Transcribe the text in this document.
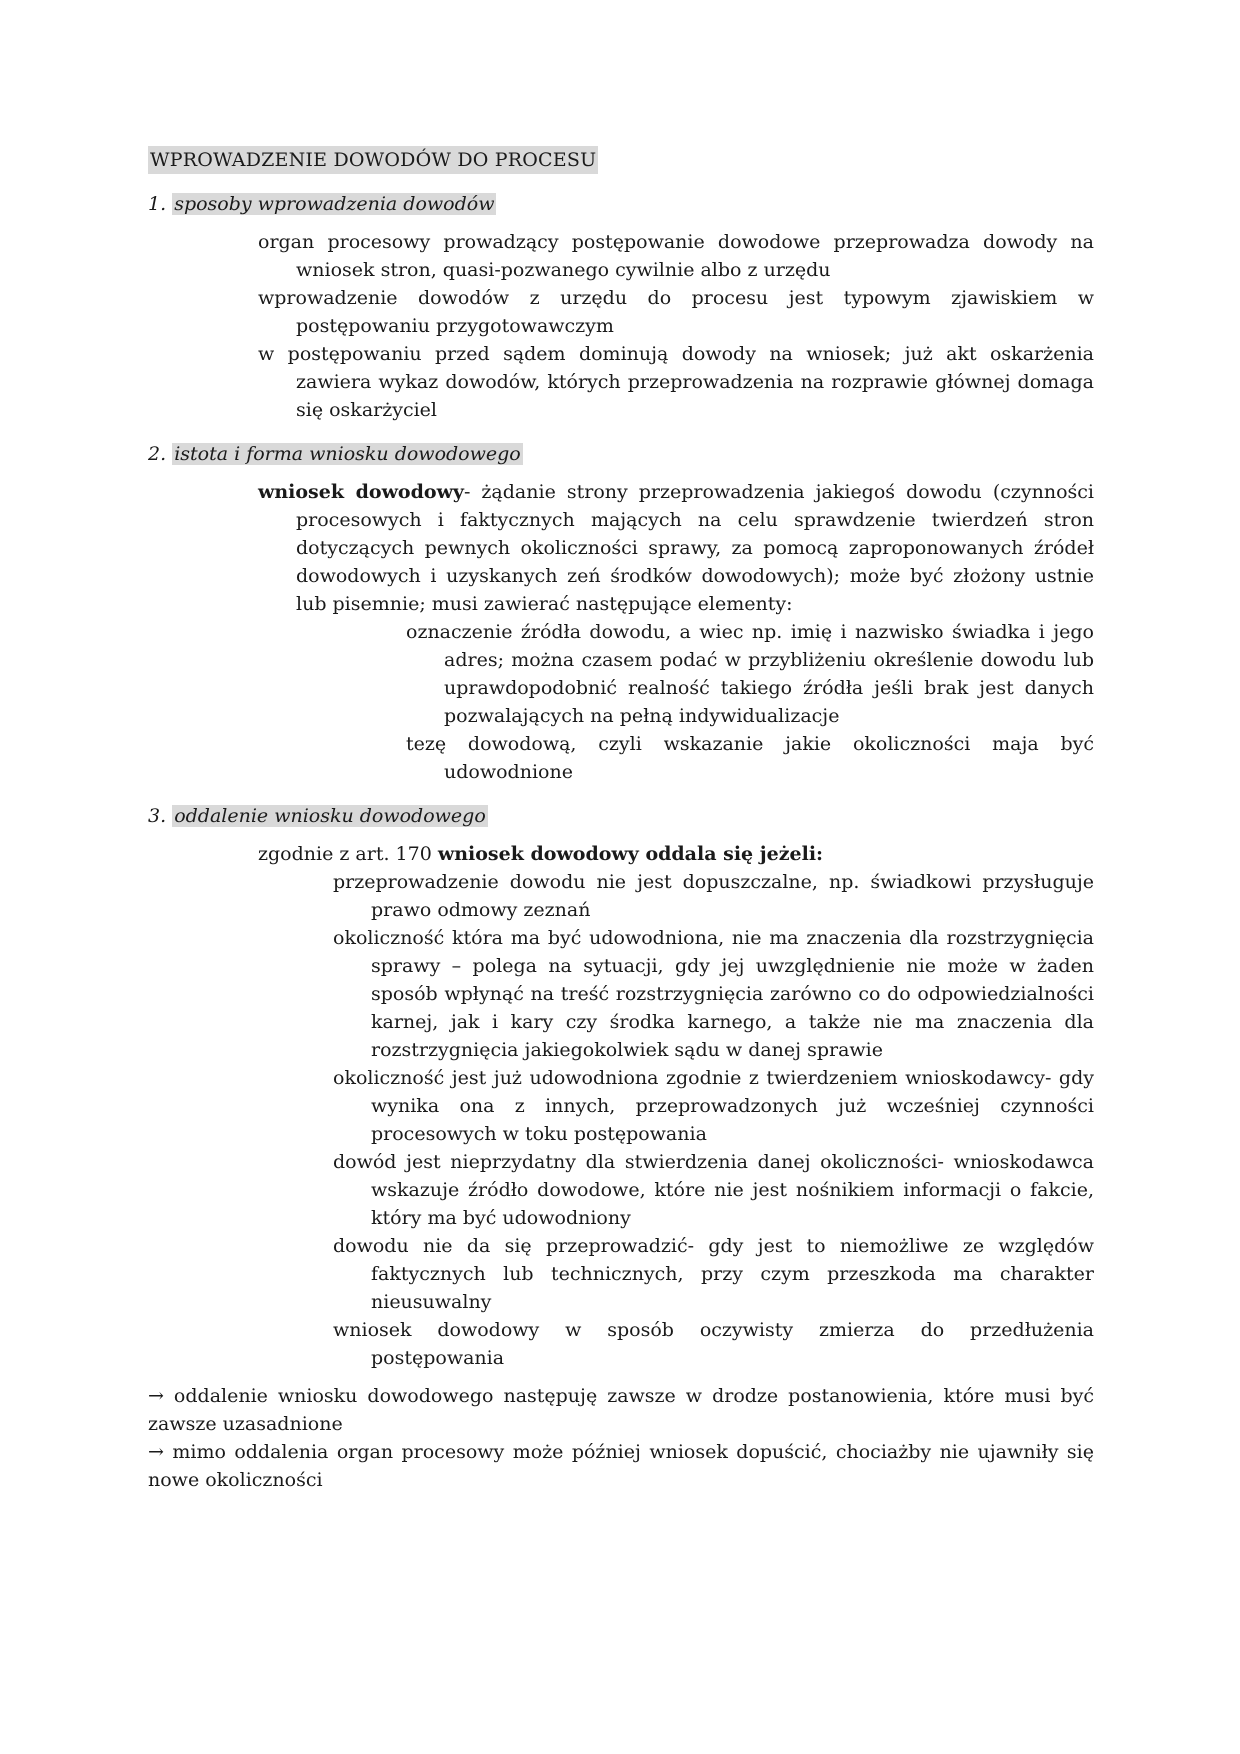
WPROWADZENIE DOWODÓW DO PROCESU
1. sposoby wprowadzenia dowodów

organ procesowy prowadzący postępowanie dowodowe przeprowadza dowody na wniosek stron, quasi-pozwanego cywilnie albo z urzędu

wprowadzenie dowodów z urzędu do procesu jest typowym zjawiskiem w postępowaniu przygotowawczym

w postępowaniu przed sądem dominują dowody na wniosek; już akt oskarżenia zawiera wykaz dowodów, których przeprowadzenia na rozprawie głównej domaga się oskarżyciel

2. istota i forma wniosku dowodowego

wniosek dowodowy- żądanie strony przeprowadzenia jakiegoś dowodu (czynności procesowych i faktycznych mających na celu sprawdzenie twierdzeń stron dotyczących pewnych okoliczności sprawy, za pomocą zaproponowanych źródeł dowodowych i uzyskanych zeń środków dowodowych); może być złożony ustnie lub pisemnie; musi zawierać następujące elementy:

oznaczenie źródła dowodu, a wiec np. imię i nazwisko świadka i jego adres; można czasem podać w przybliżeniu określenie dowodu lub uprawdopodobnić realność takiego źródła jeśli brak jest danych pozwalających na pełną indywidualizacje

tezę dowodową, czyli wskazanie jakie okoliczności maja być udowodnione

3. oddalenie wniosku dowodowego

zgodnie z art. 170 wniosek dowodowy oddala się jeżeli:

przeprowadzenie dowodu nie jest dopuszczalne, np. świadkowi przysługuje prawo odmowy zeznań

okoliczność która ma być udowodniona, nie ma znaczenia dla rozstrzygnięcia sprawy – polega na sytuacji, gdy jej uwzględnienie nie może w żaden sposób wpłynąć na treść rozstrzygnięcia zarówno co do odpowiedzialności karnej, jak i kary czy środka karnego, a także nie ma znaczenia dla rozstrzygnięcia jakiegokolwiek sądu w danej sprawie

okoliczność jest już udowodniona zgodnie z twierdzeniem wnioskodawcy- gdy wynika ona z innych, przeprowadzonych już wcześniej czynności procesowych w toku postępowania

dowód jest nieprzydatny dla stwierdzenia danej okoliczności- wnioskodawca wskazuje źródło dowodowe, które nie jest nośnikiem informacji o fakcie, który ma być udowodniony

dowodu nie da się przeprowadzić- gdy jest to niemożliwe ze względów faktycznych lub technicznych, przy czym przeszkoda ma charakter nieusuwalny

wniosek dowodowy w sposób oczywisty zmierza do przedłużenia postępowania

→ oddalenie wniosku dowodowego następuję zawsze w drodze postanowienia, które musi być zawsze uzasadnione

→ mimo oddalenia organ procesowy może później wniosek dopuścić, chociażby nie ujawniły się nowe okoliczności
